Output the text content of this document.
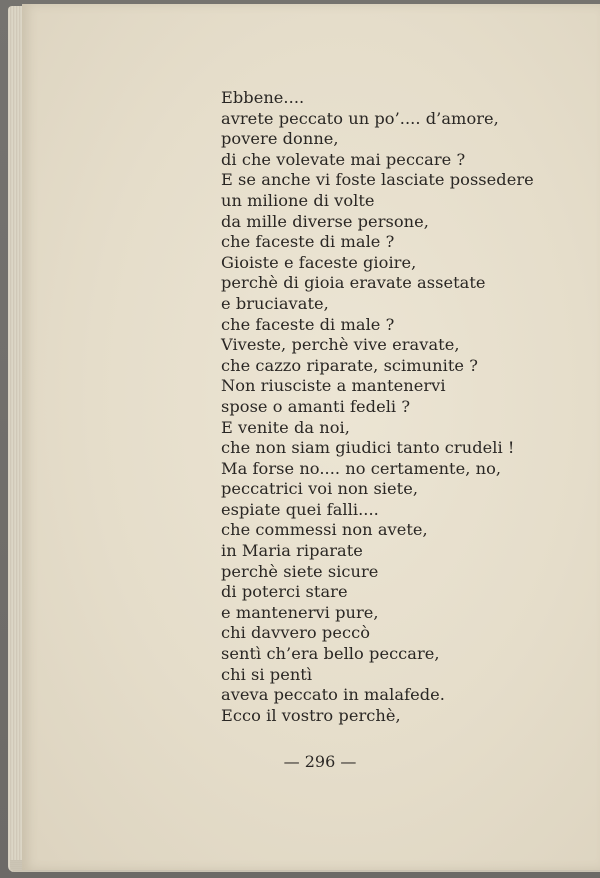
Ebbene....
avrete peccato un po’.... d’amore,
povere donne,
di che volevate mai peccare ?
E se anche vi foste lasciate possedere
un milione di volte
da mille diverse persone,
che faceste di male ?
Gioiste e faceste gioire,
perchè di gioia eravate assetate
e bruciavate,
che faceste di male ?
Viveste, perchè vive eravate,
che cazzo riparate, scimunite ?
Non riusciste a mantenervi
spose o amanti fedeli ?
E venite da noi,
che non siam giudici tanto crudeli !
Ma forse no.... no certamente, no,
peccatrici voi non siete,
espiate quei falli....
che commessi non avete,
in Maria riparate
perchè siete sicure
di poterci stare
e mantenervi pure,
chi davvero peccò
sentì ch’era bello peccare,
chi si pentì
aveva peccato in malafede.
Ecco il vostro perchè,
— 296 —
